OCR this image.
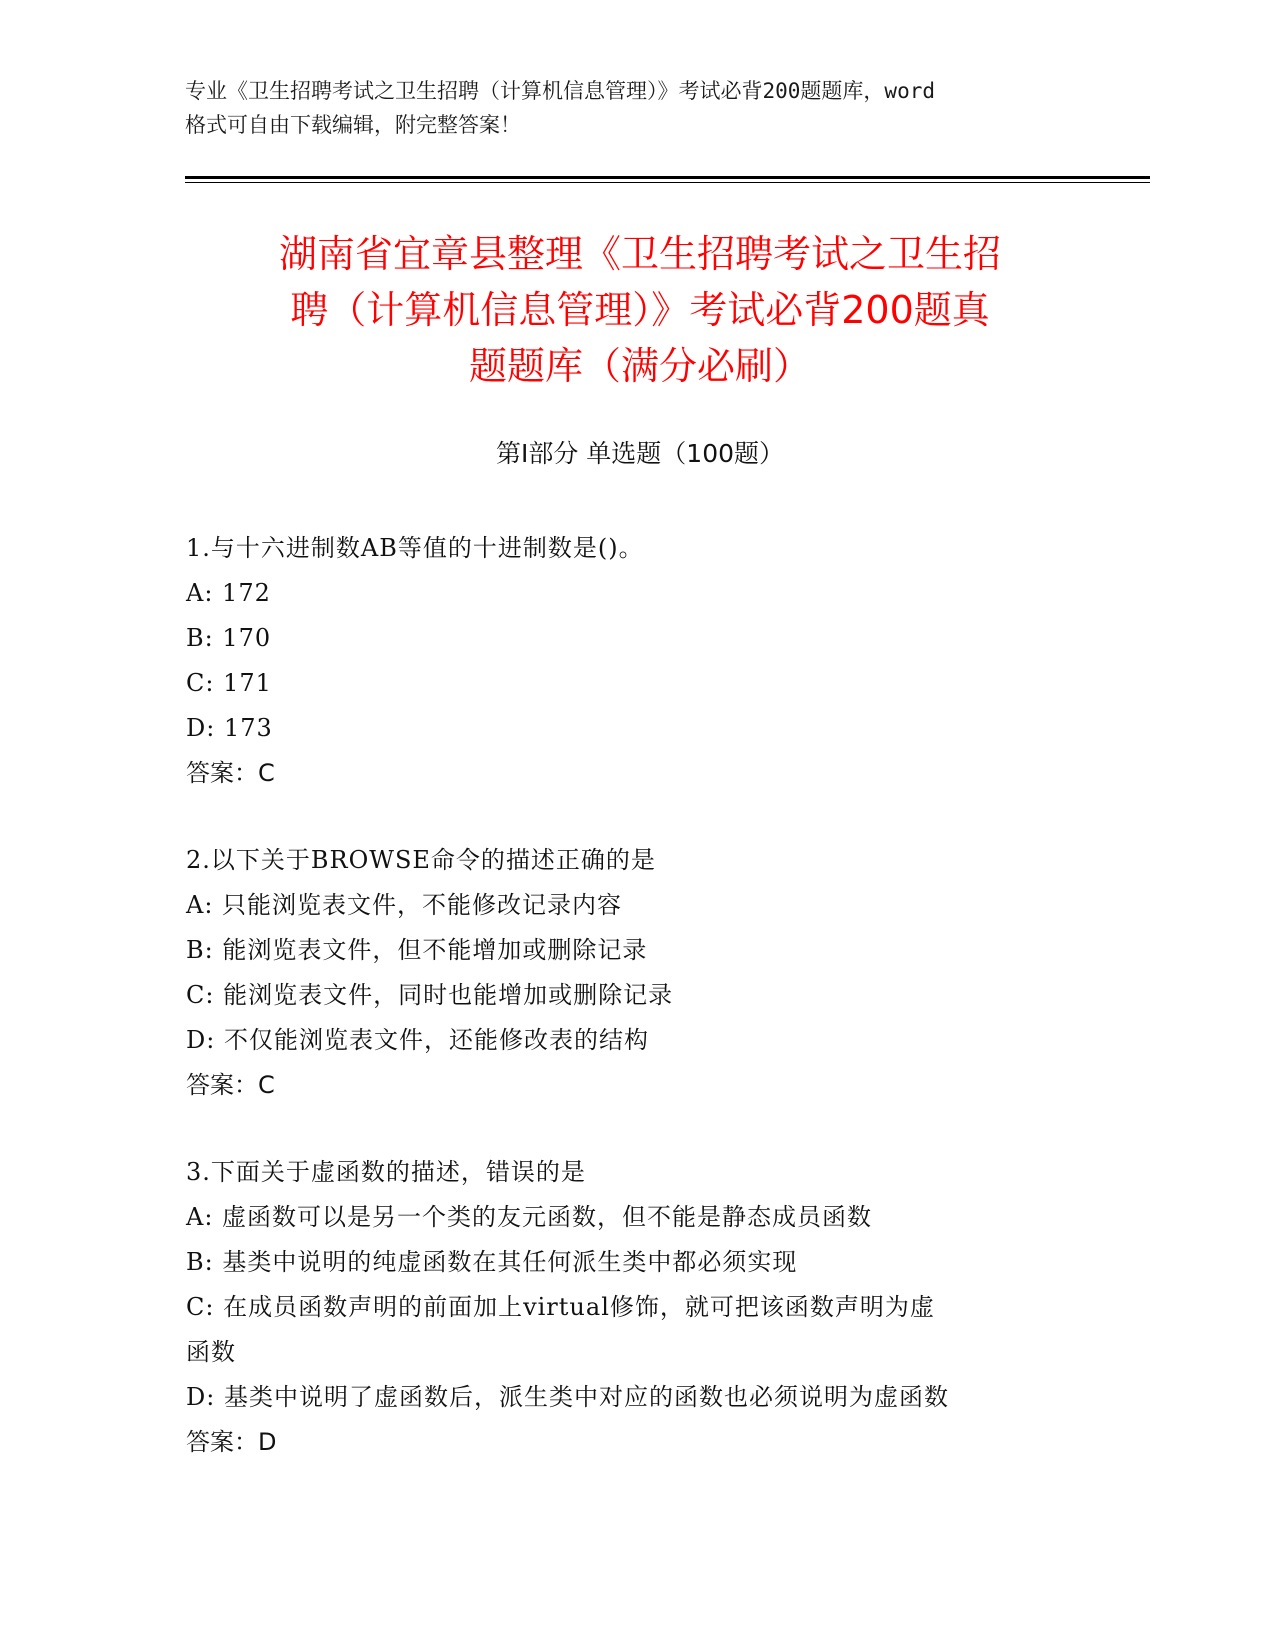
专业《卫生招聘考试之卫生招聘（计算机信息管理）》考试必背200题题库，word
格式可自由下载编辑，附完整答案！
湖南省宜章县整理《卫生招聘考试之卫生招
聘（计算机信息管理）》考试必背200题真
题题库（满分必刷）
第Ⅰ部分 单选题（100题）
1.与十六进制数AB等值的十进制数是()。
A: 172
B: 170
C: 171
D: 173
答案：C
2.以下关于BROWSE命令的描述正确的是
A: 只能浏览表文件，不能修改记录内容
B: 能浏览表文件，但不能增加或删除记录
C: 能浏览表文件，同时也能增加或删除记录
D: 不仅能浏览表文件，还能修改表的结构
答案：C
3.下面关于虚函数的描述，错误的是
A: 虚函数可以是另一个类的友元函数，但不能是静态成员函数
B: 基类中说明的纯虚函数在其任何派生类中都必须实现
C: 在成员函数声明的前面加上virtual修饰，就可把该函数声明为虚
函数
D: 基类中说明了虚函数后，派生类中对应的函数也必须说明为虚函数
答案：D
